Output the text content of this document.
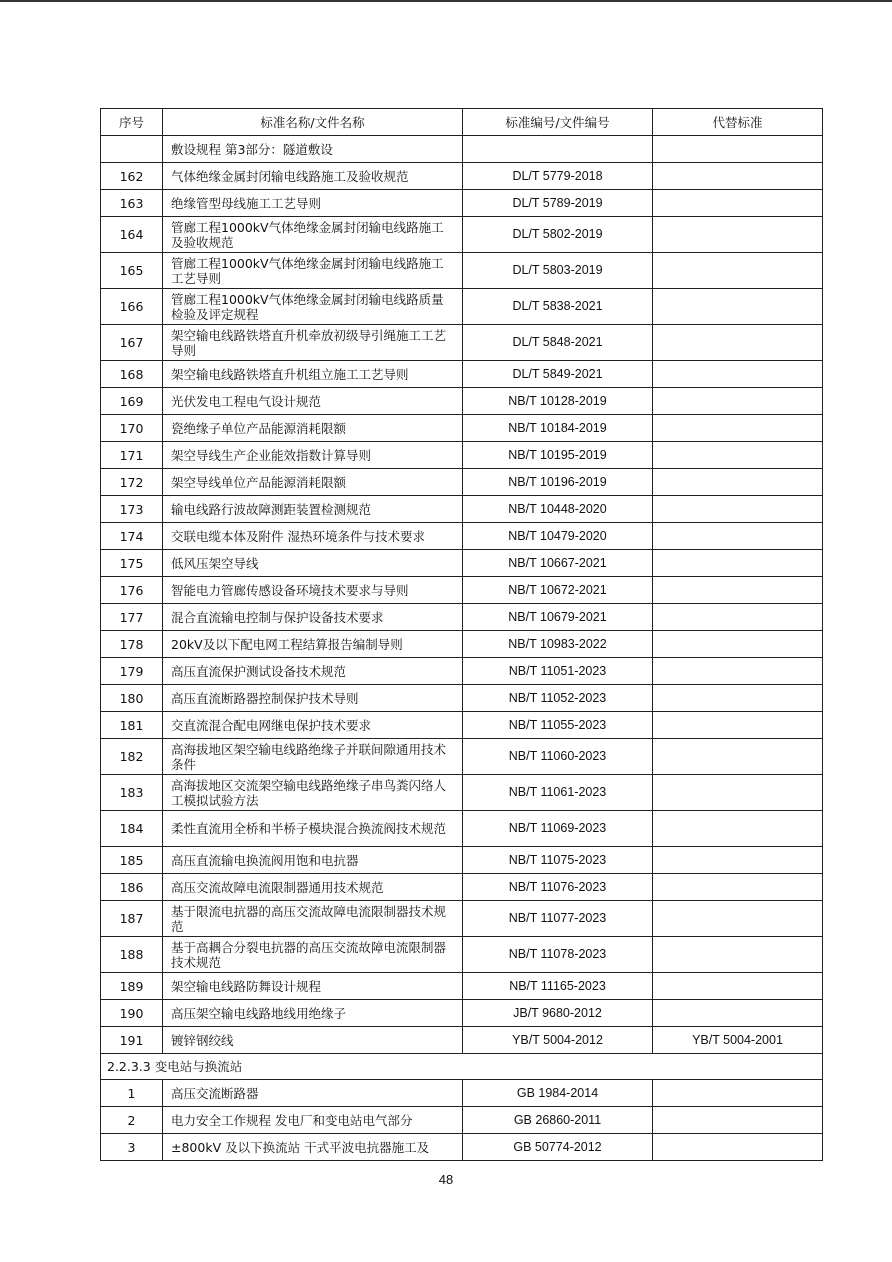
序号	标准名称/文件名称	标准编号/文件编号	代替标准
	敷设规程 第3部分：隧道敷设		
162	气体绝缘金属封闭输电线路施工及验收规范	DL/T 5779-2018	
163	绝缘管型母线施工工艺导则	DL/T 5789-2019	
164	管廊工程1000kV气体绝缘金属封闭输电线路施工及验收规范	DL/T 5802-2019	
165	管廊工程1000kV气体绝缘金属封闭输电线路施工工艺导则	DL/T 5803-2019	
166	管廊工程1000kV气体绝缘金属封闭输电线路质量检验及评定规程	DL/T 5838-2021	
167	架空输电线路铁塔直升机牵放初级导引绳施工工艺导则	DL/T 5848-2021	
168	架空输电线路铁塔直升机组立施工工艺导则	DL/T 5849-2021	
169	光伏发电工程电气设计规范	NB/T 10128-2019	
170	瓷绝缘子单位产品能源消耗限额	NB/T 10184-2019	
171	架空导线生产企业能效指数计算导则	NB/T 10195-2019	
172	架空导线单位产品能源消耗限额	NB/T 10196-2019	
173	输电线路行波故障测距装置检测规范	NB/T 10448-2020	
174	交联电缆本体及附件 湿热环境条件与技术要求	NB/T 10479-2020	
175	低风压架空导线	NB/T 10667-2021	
176	智能电力管廊传感设备环境技术要求与导则	NB/T 10672-2021	
177	混合直流输电控制与保护设备技术要求	NB/T 10679-2021	
178	20kV及以下配电网工程结算报告编制导则	NB/T 10983-2022	
179	高压直流保护测试设备技术规范	NB/T 11051-2023	
180	高压直流断路器控制保护技术导则	NB/T 11052-2023	
181	交直流混合配电网继电保护技术要求	NB/T 11055-2023	
182	高海拔地区架空输电线路绝缘子并联间隙通用技术条件	NB/T 11060-2023	
183	高海拔地区交流架空输电线路绝缘子串鸟粪闪络人工模拟试验方法	NB/T 11061-2023	
184	柔性直流用全桥和半桥子模块混合换流阀技术规范	NB/T 11069-2023	
185	高压直流输电换流阀用饱和电抗器	NB/T 11075-2023	
186	高压交流故障电流限制器通用技术规范	NB/T 11076-2023	
187	基于限流电抗器的高压交流故障电流限制器技术规范	NB/T 11077-2023	
188	基于高耦合分裂电抗器的高压交流故障电流限制器技术规范	NB/T 11078-2023	
189	架空输电线路防舞设计规程	NB/T 11165-2023	
190	高压架空输电线路地线用绝缘子	JB/T 9680-2012	
191	镀锌钢绞线	YB/T 5004-2012	YB/T 5004-2001
2.2.3.3 变电站与换流站			
1	高压交流断路器	GB 1984-2014	
2	电力安全工作规程 发电厂和变电站电气部分	GB 26860-2011	
3	±800kV 及以下换流站 干式平波电抗器施工及	GB 50774-2012	
48
